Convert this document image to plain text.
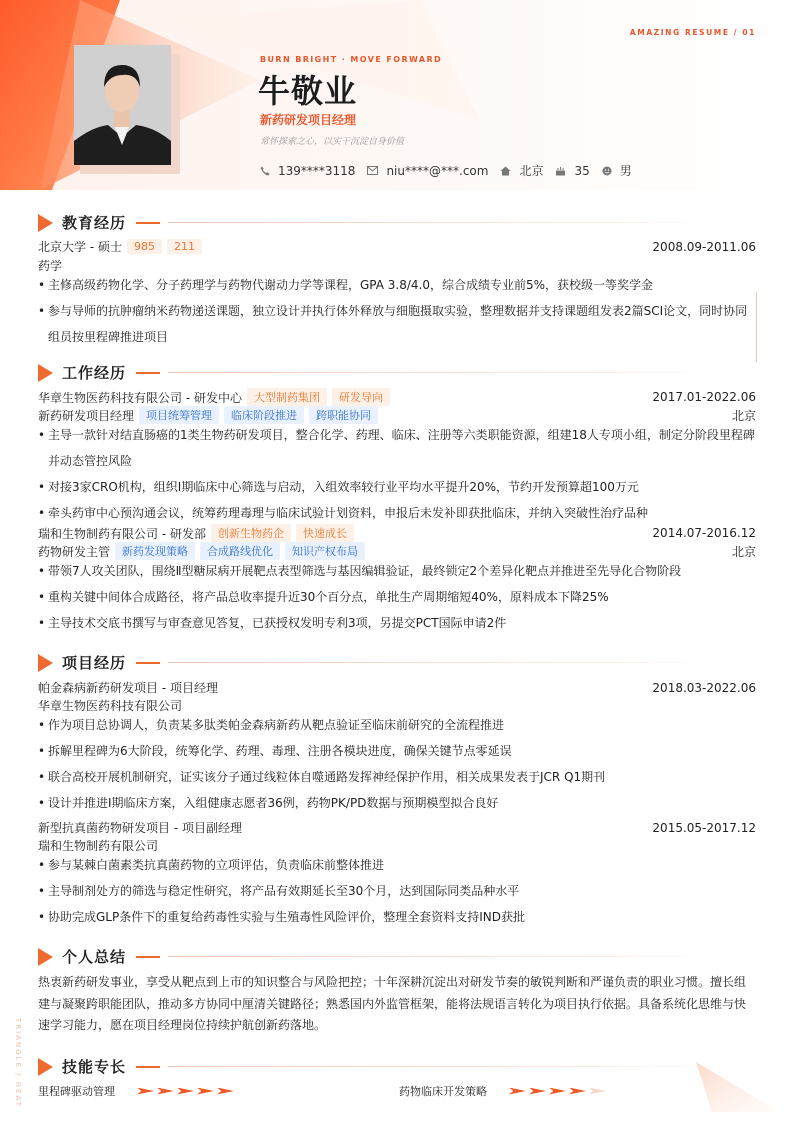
AMAZING RESUME / 01
BURN BRIGHT · MOVE FORWARD
牛敬业
新药研发项目经理
常怀探索之心，以实干沉淀自身价值
139****3118	niu****@***.com	北京	35	男
教育经历
北京大学 - 硕士	985	211	2008.09-2011.06
药学
• 主修高级药物化学、分子药理学与药物代谢动力学等课程，GPA 3.8/4.0，综合成绩专业前5%，获校级一等奖学金
• 参与导师的抗肿瘤纳米药物递送课题，独立设计并执行体外释放与细胞摄取实验，整理数据并支持课题组发表2篇SCI论文，同时协同组员按里程碑推进项目
工作经历
华章生物医药科技有限公司 - 研发中心	大型制药集团	研发导向	2017.01-2022.06
新药研发项目经理	项目统筹管理	临床阶段推进	跨职能协同	北京
• 主导一款针对结直肠癌的1类生物药研发项目，整合化学、药理、临床、注册等六类职能资源，组建18人专项小组，制定分阶段里程碑并动态管控风险
• 对接3家CRO机构，组织Ⅰ期临床中心筛选与启动，入组效率较行业平均水平提升20%，节约开发预算超100万元
• 牵头药审中心预沟通会议，统筹药理毒理与临床试验计划资料，申报后未发补即获批临床，并纳入突破性治疗品种
瑞和生物制药有限公司 - 研发部	创新生物药企	快速成长	2014.07-2016.12
药物研发主管	新药发现策略	合成路线优化	知识产权布局	北京
• 带领7人攻关团队，围绕Ⅱ型糖尿病开展靶点表型筛选与基因编辑验证，最终锁定2个差异化靶点并推进至先导化合物阶段
• 重构关键中间体合成路径，将产品总收率提升近30个百分点，单批生产周期缩短40%，原料成本下降25%
• 主导技术交底书撰写与审查意见答复，已获授权发明专利3项，另提交PCT国际申请2件
项目经历
帕金森病新药研发项目 - 项目经理	2018.03-2022.06
华章生物医药科技有限公司
• 作为项目总协调人，负责某多肽类帕金森病新药从靶点验证至临床前研究的全流程推进
• 拆解里程碑为6大阶段，统筹化学、药理、毒理、注册各模块进度，确保关键节点零延误
• 联合高校开展机制研究，证实该分子通过线粒体自噬通路发挥神经保护作用，相关成果发表于JCR Q1期刊
• 设计并推进Ⅰ期临床方案，入组健康志愿者36例，药物PK/PD数据与预期模型拟合良好
新型抗真菌药物研发项目 - 项目副经理	2015.05-2017.12
瑞和生物制药有限公司
• 参与某棘白菌素类抗真菌药物的立项评估，负责临床前整体推进
• 主导制剂处方的筛选与稳定性研究，将产品有效期延长至30个月，达到国际同类品种水平
• 协助完成GLP条件下的重复给药毒性实验与生殖毒性风险评价，整理全套资料支持IND获批
个人总结
热衷新药研发事业，享受从靶点到上市的知识整合与风险把控；十年深耕沉淀出对研发节奏的敏锐判断和严谨负责的职业习惯。擅长组建与凝聚跨职能团队，推动多方协同中厘清关键路径；熟悉国内外监管框架，能将法规语言转化为项目执行依据。具备系统化思维与快速学习能力，愿在项目经理岗位持续护航创新药落地。
技能专长
里程碑驱动管理	药物临床开发策略
TRIANGLE / HEAT
